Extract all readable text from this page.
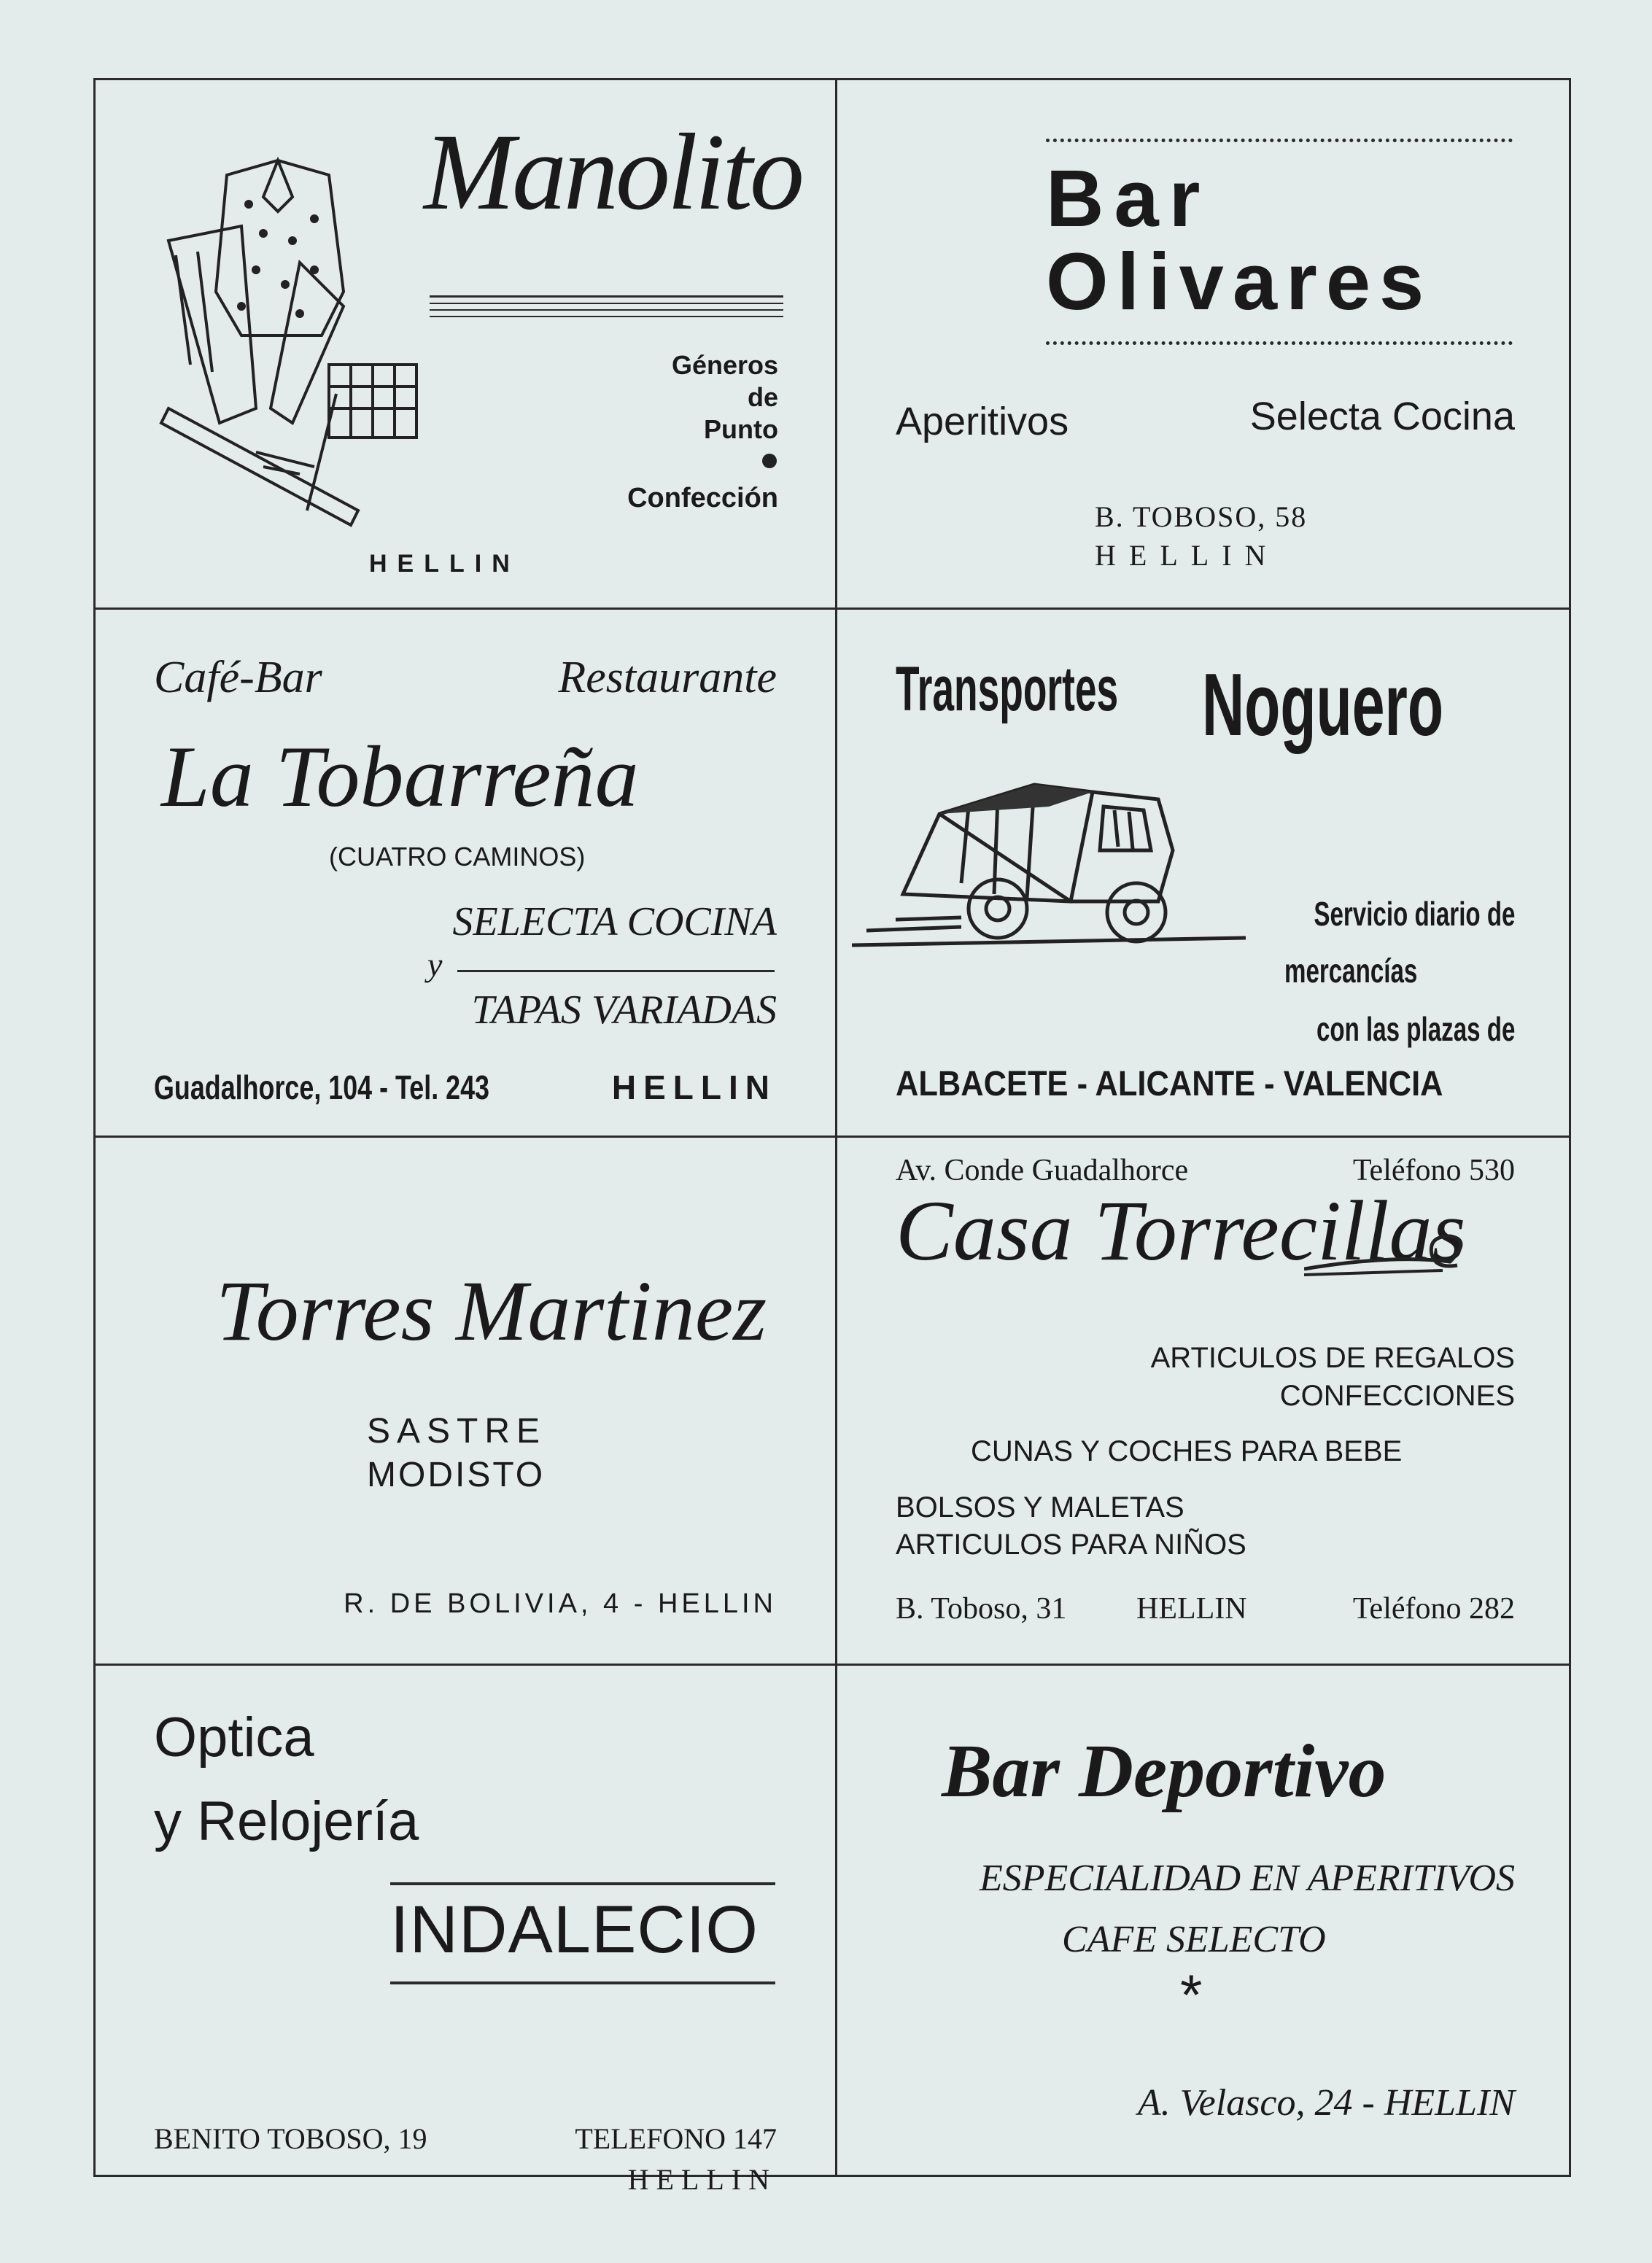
Manolito
Géneros
de
Punto
Confección
HELLIN
Bar
Olivares
Aperitivos	Selecta Cocina
B. TOBOSO, 58
HELLIN
Café-Bar	Restaurante
La Tobarreña
(CUATRO CAMINOS)
SELECTA COCINA
y
TAPAS VARIADAS
Guadalhorce, 104 - Tel. 243	HELLIN
Transportes Noguero
Servicio diario de
mercancías
con las plazas de
ALBACETE - ALICANTE - VALENCIA
Av. Conde Guadalhorce	Teléfono 530
Torres Martinez
SASTRE
MODISTO
R. DE BOLIVIA, 4 - HELLIN
Casa Torrecillas
ARTICULOS DE REGALOS
CONFECCIONES
CUNAS Y COCHES PARA BEBE
BOLSOS Y MALETAS
ARTICULOS PARA NIÑOS
B. Toboso, 31 HELLIN	Teléfono 282
Optica
y Relojería
INDALECIO
BENITO TOBOSO, 19	TELEFONO 147
HELLIN
Bar Deportivo
ESPECIALIDAD EN APERITIVOS
CAFE SELECTO
*
A. Velasco, 24 - HELLIN
